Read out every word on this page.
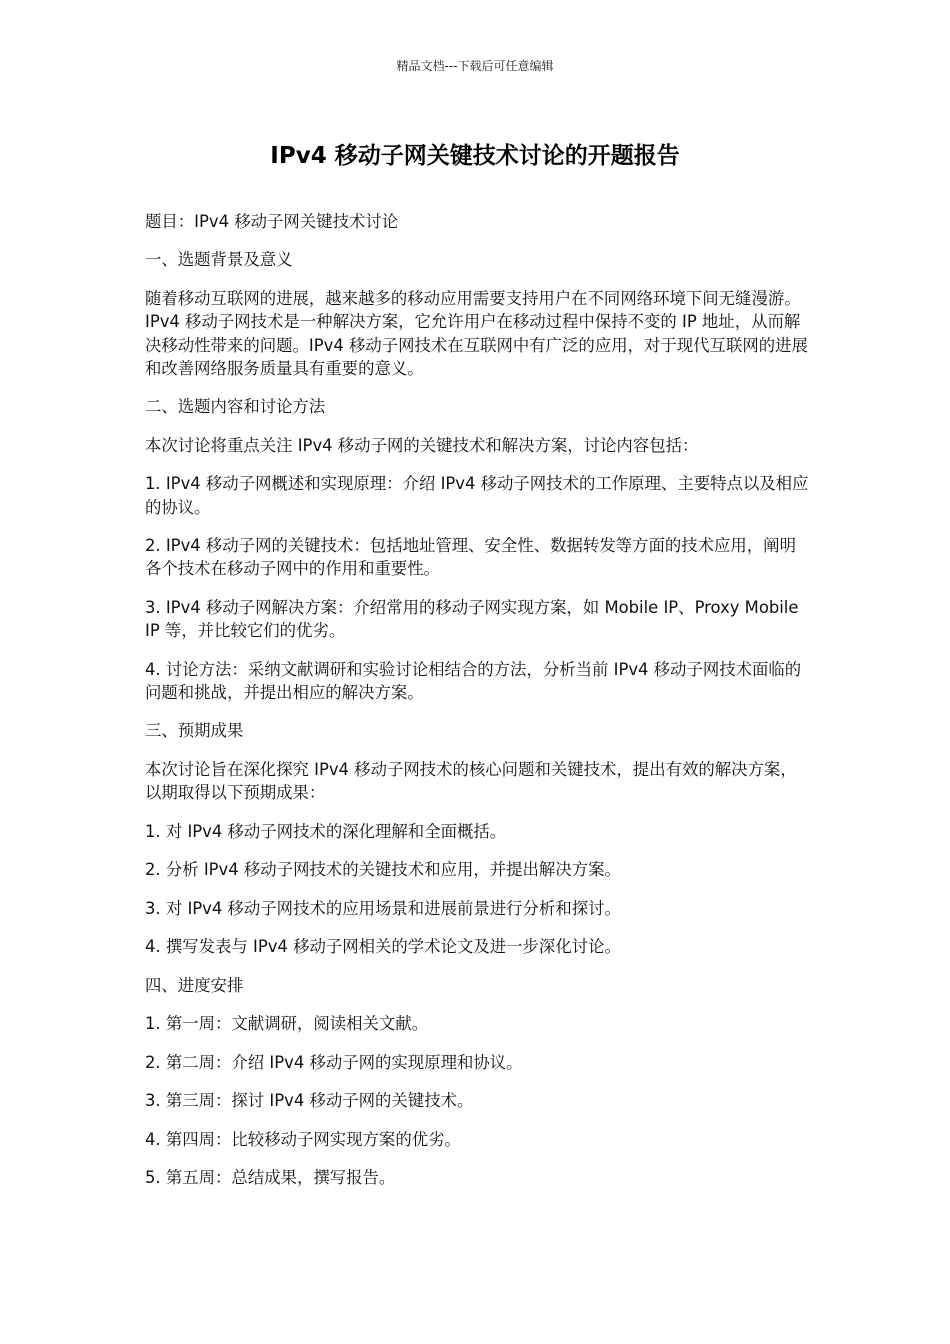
精品文档---下载后可任意编辑
IPv4 移动子网关键技术讨论的开题报告

题目：IPv4 移动子网关键技术讨论

一、选题背景及意义

随着移动互联网的进展，越来越多的移动应用需要支持用户在不同网络环境下间无缝漫游。IPv4 移动子网技术是一种解决方案，它允许用户在移动过程中保持不变的 IP 地址，从而解决移动性带来的问题。IPv4 移动子网技术在互联网中有广泛的应用，对于现代互联网的进展和改善网络服务质量具有重要的意义。

二、选题内容和讨论方法

本次讨论将重点关注 IPv4 移动子网的关键技术和解决方案，讨论内容包括：

1. IPv4 移动子网概述和实现原理：介绍 IPv4 移动子网技术的工作原理、主要特点以及相应的协议。

2. IPv4 移动子网的关键技术：包括地址管理、安全性、数据转发等方面的技术应用，阐明各个技术在移动子网中的作用和重要性。

3. IPv4 移动子网解决方案：介绍常用的移动子网实现方案，如 Mobile IP、Proxy Mobile IP 等，并比较它们的优劣。

4. 讨论方法：采纳文献调研和实验讨论相结合的方法，分析当前 IPv4 移动子网技术面临的问题和挑战，并提出相应的解决方案。

三、预期成果

本次讨论旨在深化探究 IPv4 移动子网技术的核心问题和关键技术，提出有效的解决方案，以期取得以下预期成果：

1. 对 IPv4 移动子网技术的深化理解和全面概括。

2. 分析 IPv4 移动子网技术的关键技术和应用，并提出解决方案。

3. 对 IPv4 移动子网技术的应用场景和进展前景进行分析和探讨。

4. 撰写发表与 IPv4 移动子网相关的学术论文及进一步深化讨论。

四、进度安排

1. 第一周：文献调研，阅读相关文献。

2. 第二周：介绍 IPv4 移动子网的实现原理和协议。

3. 第三周：探讨 IPv4 移动子网的关键技术。

4. 第四周：比较移动子网实现方案的优劣。

5. 第五周：总结成果，撰写报告。
